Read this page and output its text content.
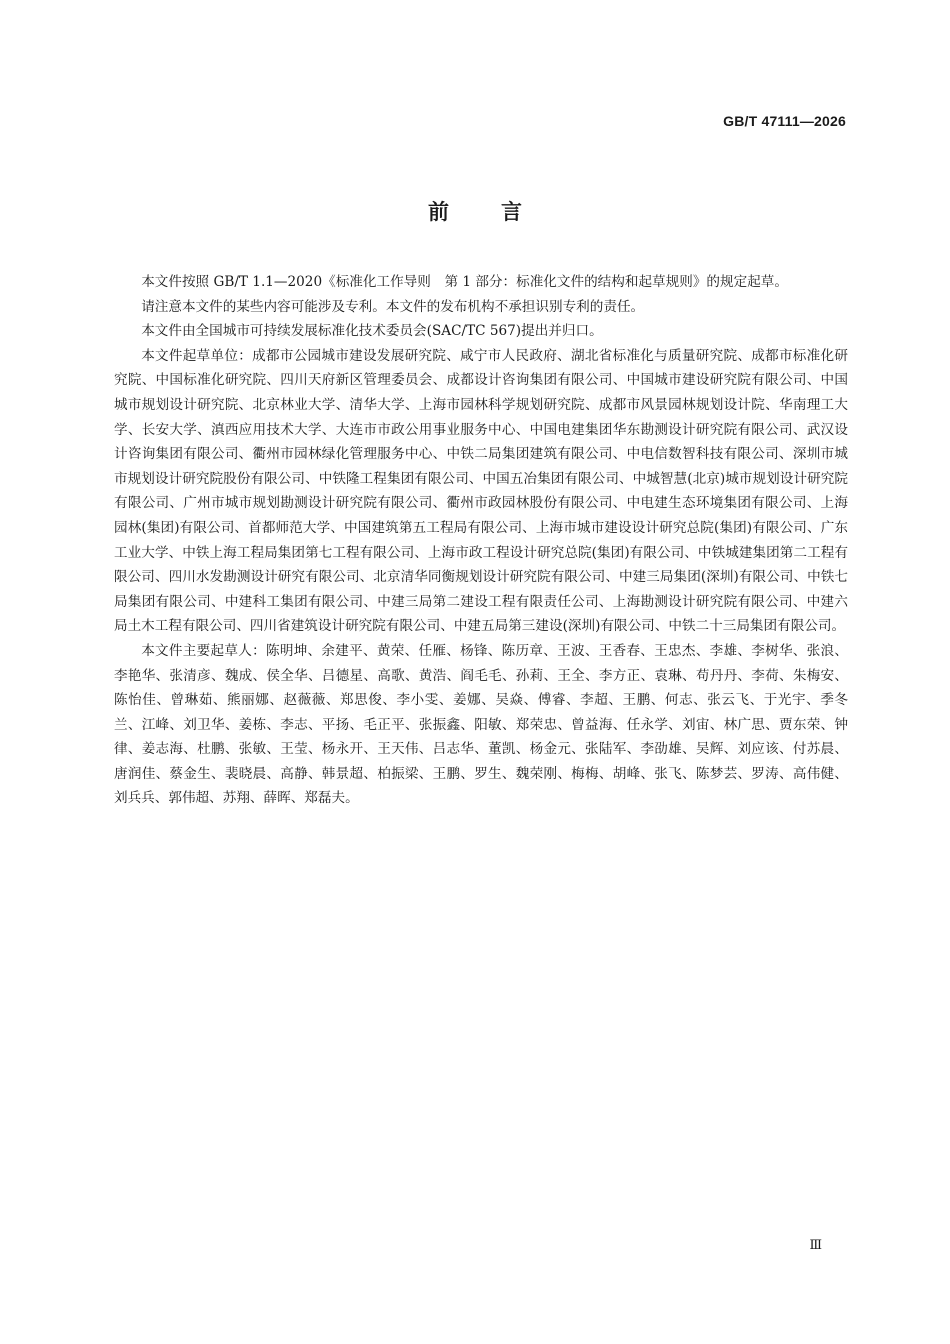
GB/T 47111—2026
前言

本文件按照 GB/T 1.1—2020《标准化工作导则　第 1 部分：标准化文件的结构和起草规则》的规定起草。

请注意本文件的某些内容可能涉及专利。本文件的发布机构不承担识别专利的责任。

本文件由全国城市可持续发展标准化技术委员会(SAC/TC 567)提出并归口。

本文件起草单位：成都市公园城市建设发展研究院、咸宁市人民政府、湖北省标准化与质量研究院、成都市标准化研究院、中国标准化研究院、四川天府新区管理委员会、成都设计咨询集团有限公司、中国城市建设研究院有限公司、中国城市规划设计研究院、北京林业大学、清华大学、上海市园林科学规划研究院、成都市风景园林规划设计院、华南理工大学、长安大学、滇西应用技术大学、大连市市政公用事业服务中心、中国电建集团华东勘测设计研究院有限公司、武汉设计咨询集团有限公司、衢州市园林绿化管理服务中心、中铁二局集团建筑有限公司、中电信数智科技有限公司、深圳市城市规划设计研究院股份有限公司、中铁隆工程集团有限公司、中国五冶集团有限公司、中城智慧(北京)城市规划设计研究院有限公司、广州市城市规划勘测设计研究院有限公司、衢州市政园林股份有限公司、中电建生态环境集团有限公司、上海园林(集团)有限公司、首都师范大学、中国建筑第五工程局有限公司、上海市城市建设设计研究总院(集团)有限公司、广东工业大学、中铁上海工程局集团第七工程有限公司、上海市政工程设计研究总院(集团)有限公司、中铁城建集团第二工程有限公司、四川水发勘测设计研究有限公司、北京清华同衡规划设计研究院有限公司、中建三局集团(深圳)有限公司、中铁七局集团有限公司、中建科工集团有限公司、中建三局第二建设工程有限责任公司、上海勘测设计研究院有限公司、中建六局土木工程有限公司、四川省建筑设计研究院有限公司、中建五局第三建设(深圳)有限公司、中铁二十三局集团有限公司。

本文件主要起草人：陈明坤、余建平、黄荣、任雁、杨锋、陈历章、王波、王香春、王忠杰、李雄、李树华、张浪、李艳华、张清彦、魏成、侯全华、吕德星、高歌、黄浩、阎毛毛、孙莉、王全、李方正、袁琳、苟丹丹、李荷、朱梅安、陈怡佳、曾琳茹、熊丽娜、赵薇薇、郑思俊、李小雯、姜娜、吴焱、傅睿、李超、王鹏、何志、张云飞、于光宇、季冬兰、江峰、刘卫华、姜栋、李志、平扬、毛正平、张振鑫、阳敏、郑荣忠、曾益海、任永学、刘宙、林广思、贾东荣、钟律、姜志海、杜鹏、张敏、王莹、杨永开、王天伟、吕志华、董凯、杨金元、张陆军、李劭雄、吴辉、刘应该、付苏晨、唐润佳、蔡金生、裴晓晨、高静、韩景超、柏振梁、王鹏、罗生、魏荣刚、梅梅、胡峰、张飞、陈梦芸、罗涛、高伟健、刘兵兵、郭伟超、苏翔、薛晖、郑磊夫。

Ⅲ
